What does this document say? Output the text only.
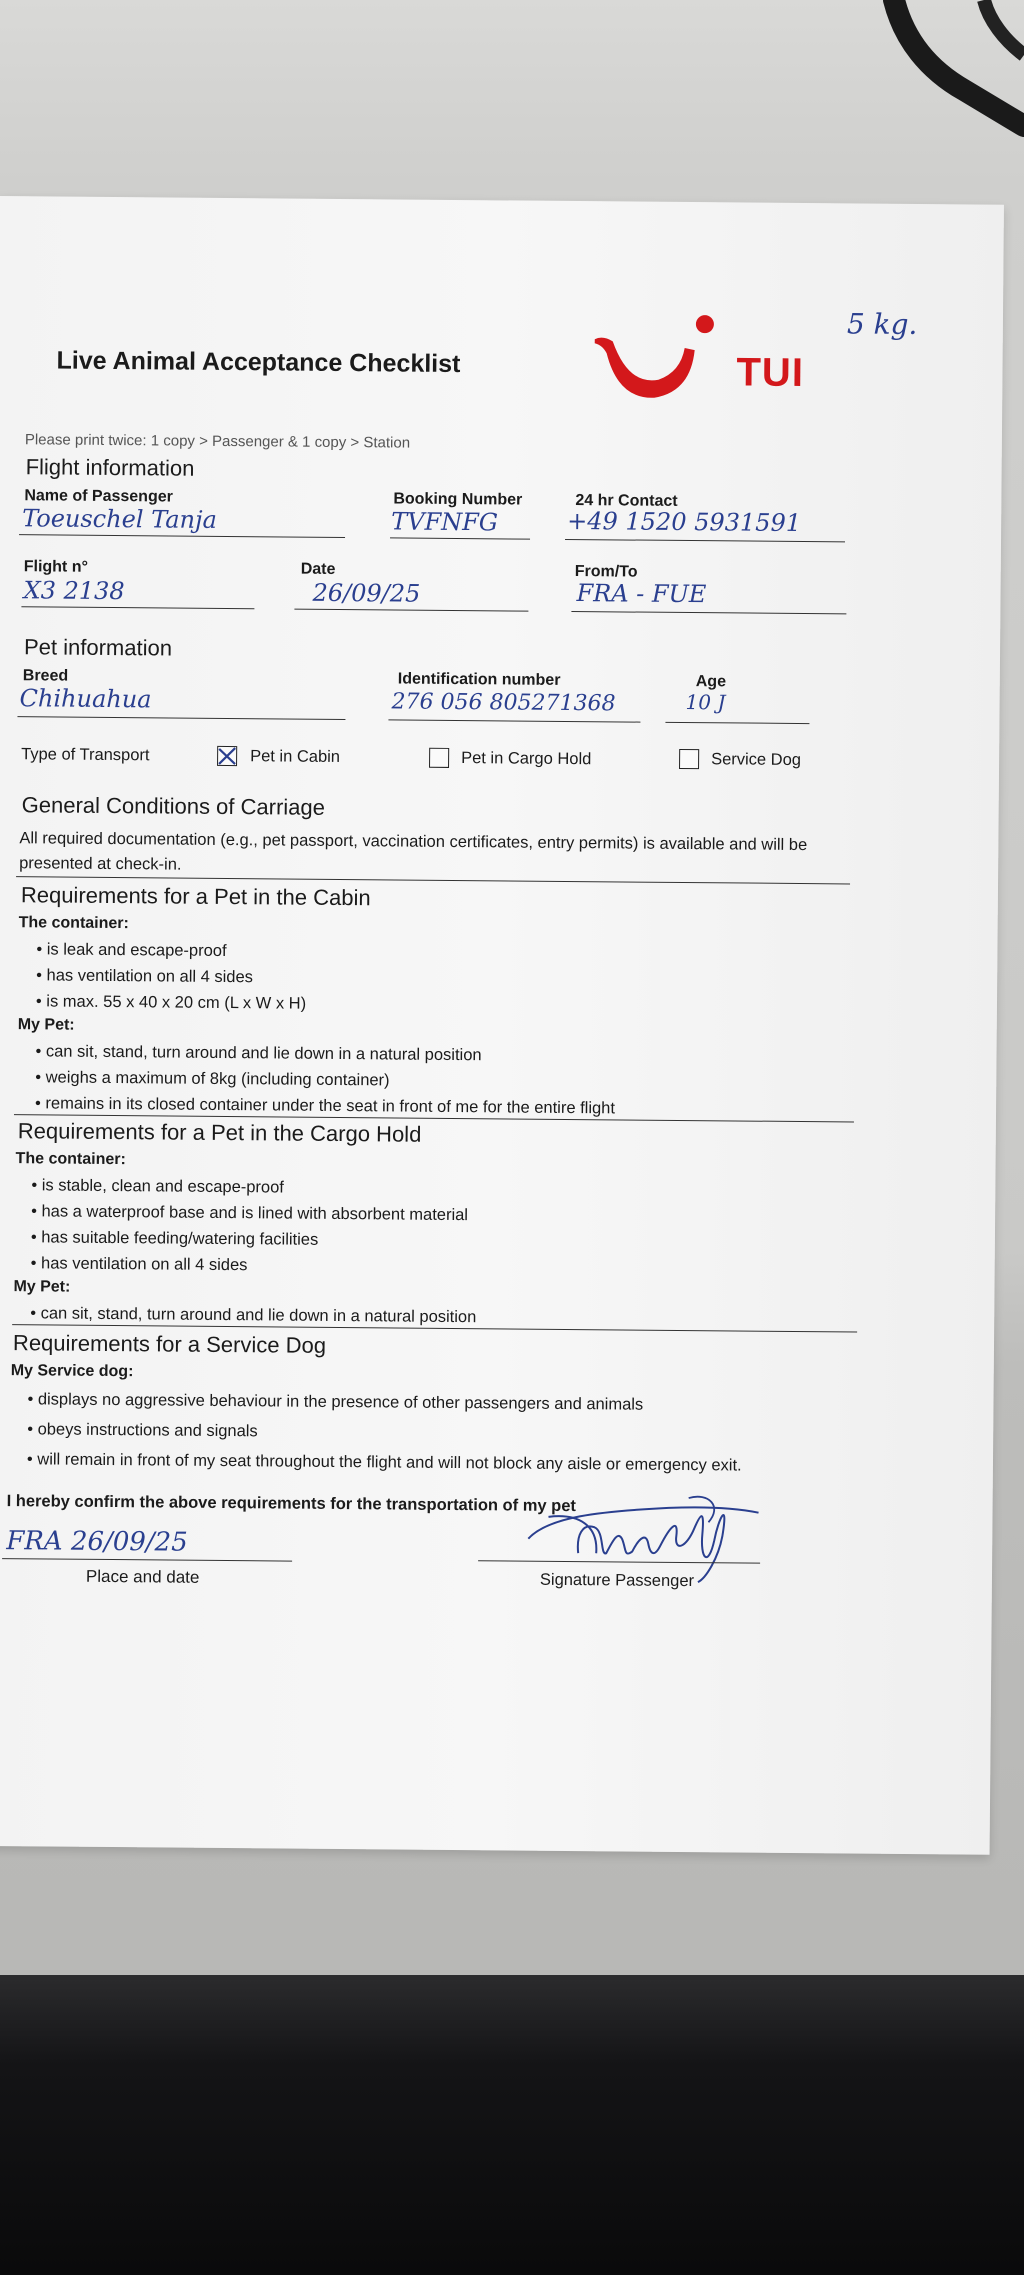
5 kg.
Live Animal Acceptance Checklist	TUI
Please print twice: 1 copy > Passenger & 1 copy > Station
Flight information
Name of Passenger
Toeuschel Tanja
Booking Number
TVFNFG
24 hr Contact
+49 1520 5931591
Flight n°
X3 2138
Date
26/09/25
From/To
FRA - FUE
Pet information
Breed
Chihuahua
Identification number
276 056 805271368
Age
10 J
Type of Transport	Pet in Cabin	Pet in Cargo Hold	Service Dog
General Conditions of Carriage
All required documentation (e.g., pet passport, vaccination certificates, entry permits) is available and will be presented at check-in.
Requirements for a Pet in the Cabin
The container:
• is leak and escape-proof
• has ventilation on all 4 sides
• is max. 55 x 40 x 20 cm (L x W x H)
My Pet:
• can sit, stand, turn around and lie down in a natural position
• weighs a maximum of 8kg (including container)
• remains in its closed container under the seat in front of me for the entire flight
Requirements for a Pet in the Cargo Hold
The container:
• is stable, clean and escape-proof
• has a waterproof base and is lined with absorbent material
• has suitable feeding/watering facilities
• has ventilation on all 4 sides
My Pet:
• can sit, stand, turn around and lie down in a natural position
Requirements for a Service Dog
My Service dog:
• displays no aggressive behaviour in the presence of other passengers and animals
• obeys instructions and signals
• will remain in front of my seat throughout the flight and will not block any aisle or emergency exit.
I hereby confirm the above requirements for the transportation of my pet
FRA 26/09/25
Place and date	Signature Passenger
